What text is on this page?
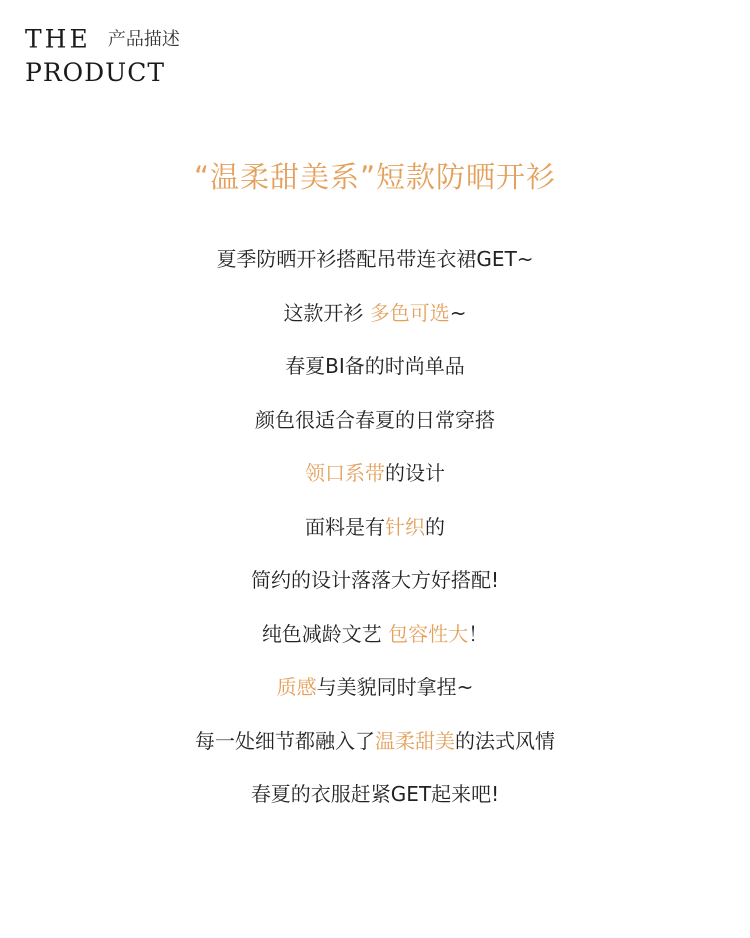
THE 产品描述
PRODUCT
“温柔甜美系”短款防晒开衫
夏季防晒开衫搭配吊带连衣裙GET~
这款开衫 多色可选~
春夏BI备的时尚单品
颜色很适合春夏的日常穿搭
领口系带的设计
面料是有针织的
简约的设计落落大方好搭配!
纯色减龄文艺 包容性大！
质感与美貌同时拿捏~
每一处细节都融入了温柔甜美的法式风情
春夏的衣服赶紧GET起来吧!
